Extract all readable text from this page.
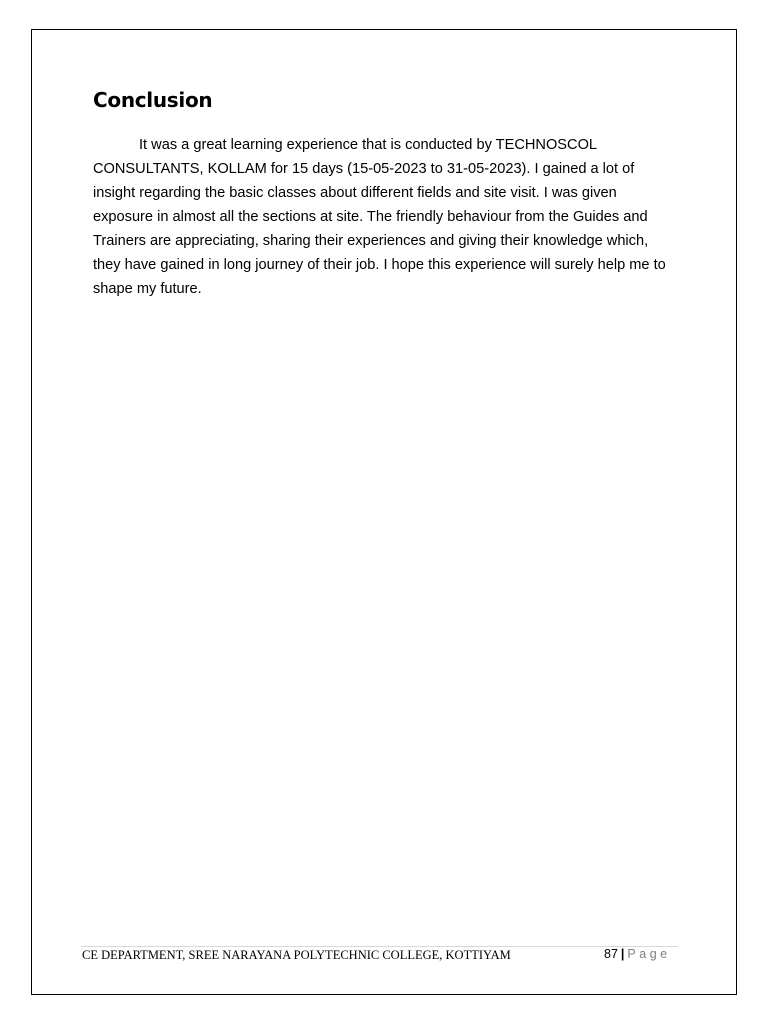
Conclusion

It was a great learning experience that is conducted by TECHNOSCOL CONSULTANTS, KOLLAM for 15 days (15-05-2023 to 31-05-2023). I gained a lot of insight regarding the basic classes about different fields and site visit. I was given exposure in almost all the sections at site. The friendly behaviour from the Guides and Trainers are appreciating, sharing their experiences and giving their knowledge which, they have gained in long journey of their job. I hope this experience will surely help me to shape my future.

CE DEPARTMENT, SREE NARAYANA POLYTECHNIC COLLEGE, KOTTIYAM	87 | Page
